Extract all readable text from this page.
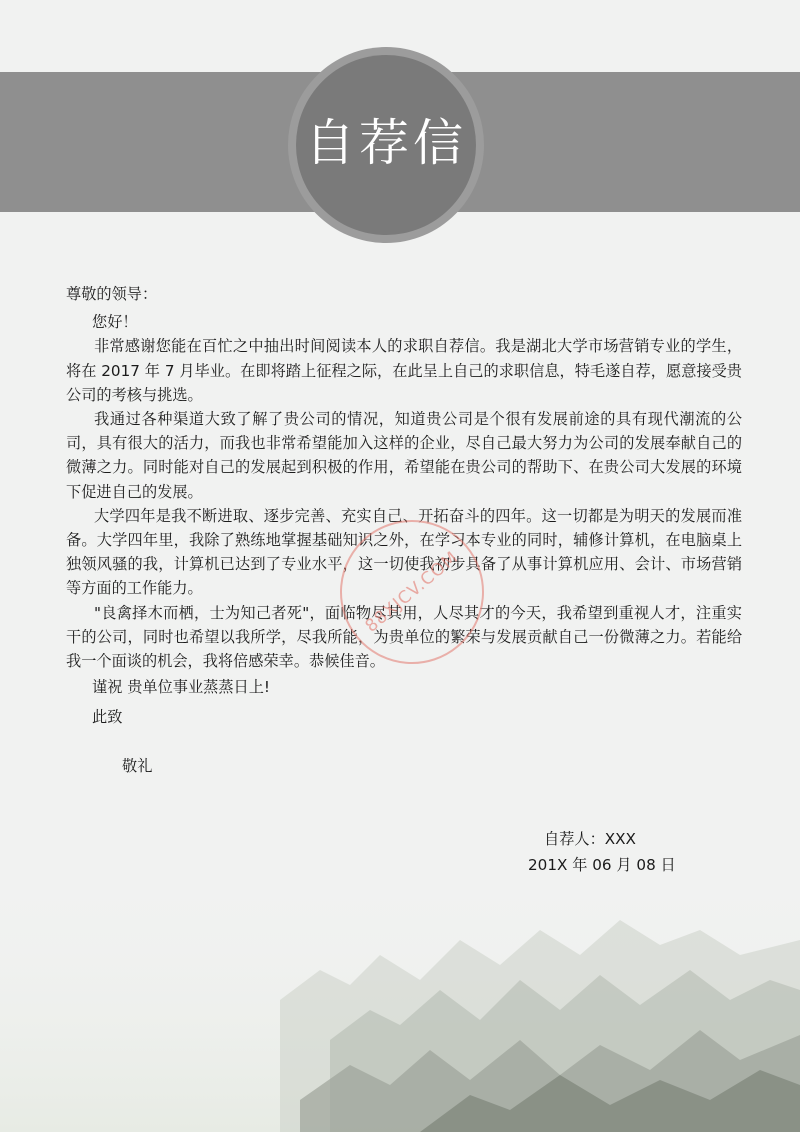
自荐信

尊敬的领导：

您好！

非常感谢您能在百忙之中抽出时间阅读本人的求职自荐信。我是湖北大学市场营销专业的学生，将在 2017 年 7 月毕业。在即将踏上征程之际，在此呈上自己的求职信息，特毛遂自荐，愿意接受贵公司的考核与挑选。

我通过各种渠道大致了解了贵公司的情况，知道贵公司是个很有发展前途的具有现代潮流的公司，具有很大的活力，而我也非常希望能加入这样的企业，尽自己最大努力为公司的发展奉献自己的微薄之力。同时能对自己的发展起到积极的作用，希望能在贵公司的帮助下、在贵公司大发展的环境下促进自己的发展。

大学四年是我不断进取、逐步完善、充实自己、开拓奋斗的四年。这一切都是为明天的发展而准备。大学四年里，我除了熟练地掌握基础知识之外，在学习本专业的同时，辅修计算机，在电脑桌上独领风骚的我，计算机已达到了专业水平，这一切使我初步具备了从事计算机应用、会计、市场营销等方面的工作能力。

"良禽择木而栖，士为知己者死"，面临物尽其用，人尽其才的今天，我希望到重视人才，注重实干的公司，同时也希望以我所学，尽我所能，为贵单位的繁荣与发展贡献自己一份微薄之力。若能给我一个面谈的机会，我将倍感荣幸。恭候佳音。

谨祝 贵单位事业蒸蒸日上!

此致

敬礼

自荐人：XXX
201X 年 06 月 08 日
88XJCV.COM
